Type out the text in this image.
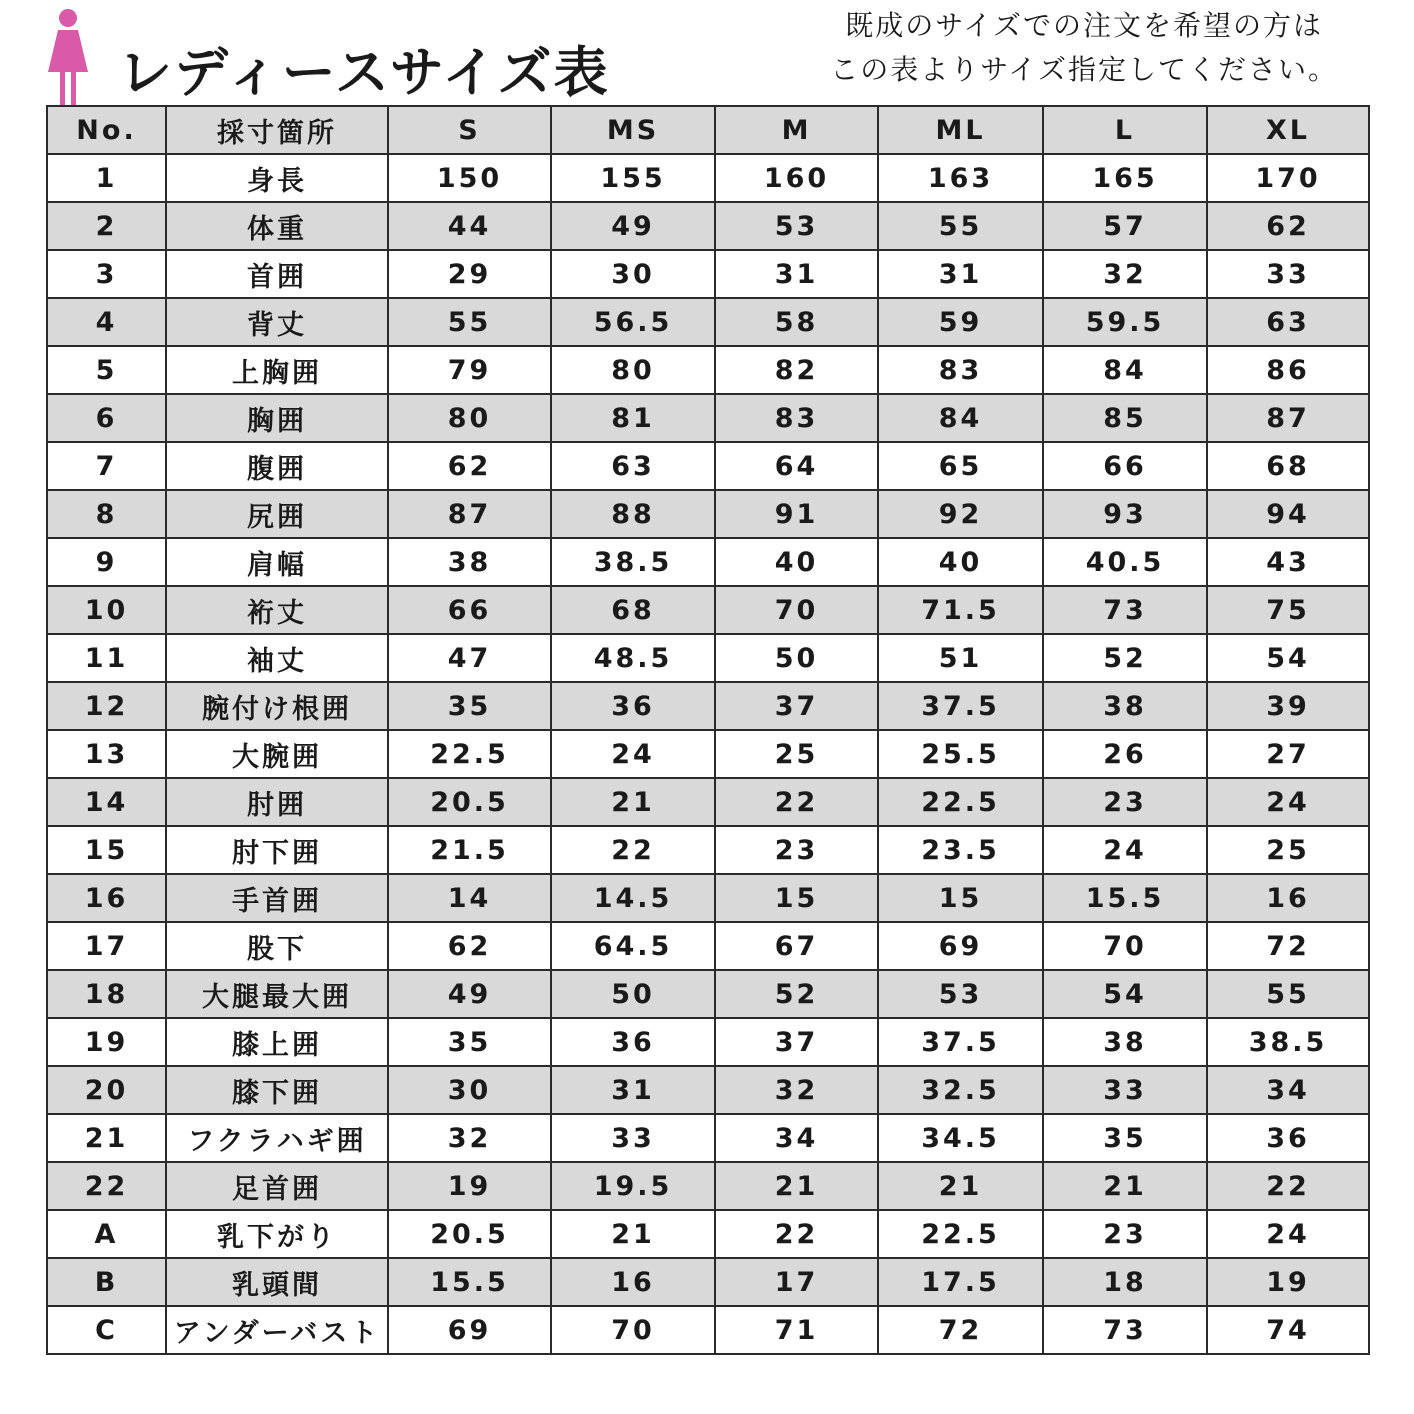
レディースサイズ表
既成のサイズでの注文を希望の方は
この表よりサイズ指定してください。
No.	採寸箇所	S	MS	M	ML	L	XL
1	身長	150	155	160	163	165	170
2	体重	44	49	53	55	57	62
3	首囲	29	30	31	31	32	33
4	背丈	55	56.5	58	59	59.5	63
5	上胸囲	79	80	82	83	84	86
6	胸囲	80	81	83	84	85	87
7	腹囲	62	63	64	65	66	68
8	尻囲	87	88	91	92	93	94
9	肩幅	38	38.5	40	40	40.5	43
10	裄丈	66	68	70	71.5	73	75
11	袖丈	47	48.5	50	51	52	54
12	腕付け根囲	35	36	37	37.5	38	39
13	大腕囲	22.5	24	25	25.5	26	27
14	肘囲	20.5	21	22	22.5	23	24
15	肘下囲	21.5	22	23	23.5	24	25
16	手首囲	14	14.5	15	15	15.5	16
17	股下	62	64.5	67	69	70	72
18	大腿最大囲	49	50	52	53	54	55
19	膝上囲	35	36	37	37.5	38	38.5
20	膝下囲	30	31	32	32.5	33	34
21	フクラハギ囲	32	33	34	34.5	35	36
22	足首囲	19	19.5	21	21	21	22
A	乳下がり	20.5	21	22	22.5	23	24
B	乳頭間	15.5	16	17	17.5	18	19
C	アンダーバスト	69	70	71	72	73	74
